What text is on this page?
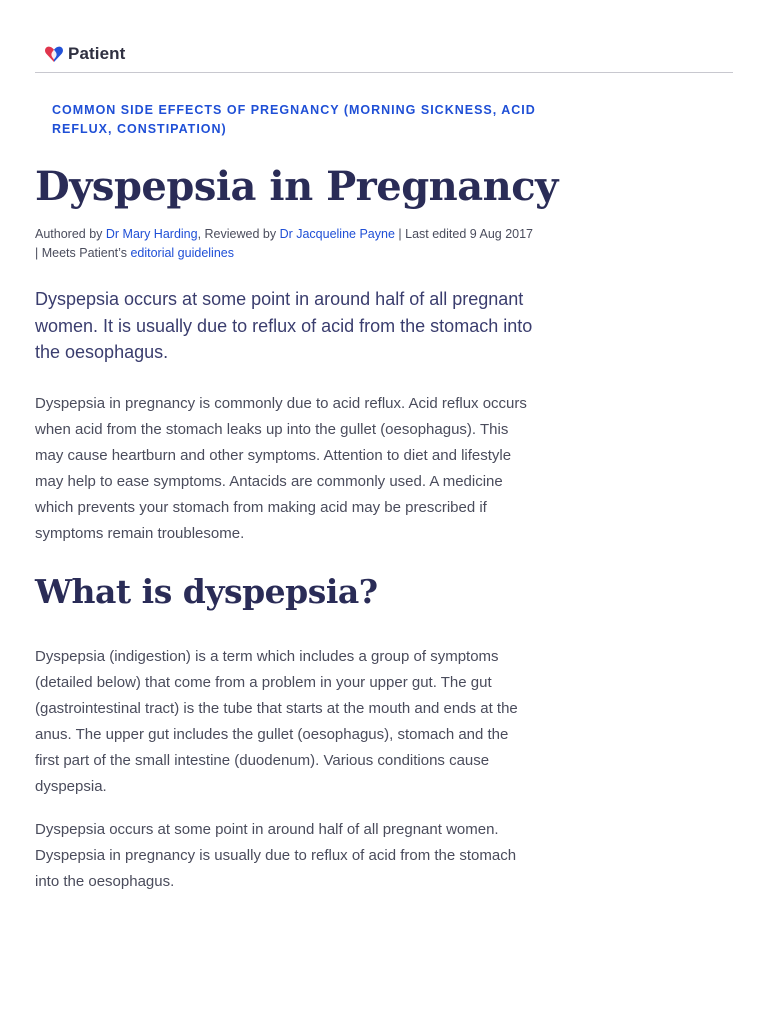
Patient
COMMON SIDE EFFECTS OF PREGNANCY (MORNING SICKNESS, ACID REFLUX, CONSTIPATION)
Dyspepsia in Pregnancy
Authored by Dr Mary Harding, Reviewed by Dr Jacqueline Payne | Last edited 9 Aug 2017 | Meets Patient’s editorial guidelines

Dyspepsia occurs at some point in around half of all pregnant women. It is usually due to reflux of acid from the stomach into the oesophagus.

Dyspepsia in pregnancy is commonly due to acid reflux. Acid reflux occurs when acid from the stomach leaks up into the gullet (oesophagus). This may cause heartburn and other symptoms. Attention to diet and lifestyle may help to ease symptoms. Antacids are commonly used. A medicine which prevents your stomach from making acid may be prescribed if symptoms remain troublesome.

What is dyspepsia?

Dyspepsia (indigestion) is a term which includes a group of symptoms (detailed below) that come from a problem in your upper gut. The gut (gastrointestinal tract) is the tube that starts at the mouth and ends at the anus. The upper gut includes the gullet (oesophagus), stomach and the first part of the small intestine (duodenum). Various conditions cause dyspepsia.

Dyspepsia occurs at some point in around half of all pregnant women. Dyspepsia in pregnancy is usually due to reflux of acid from the stomach into the oesophagus.
